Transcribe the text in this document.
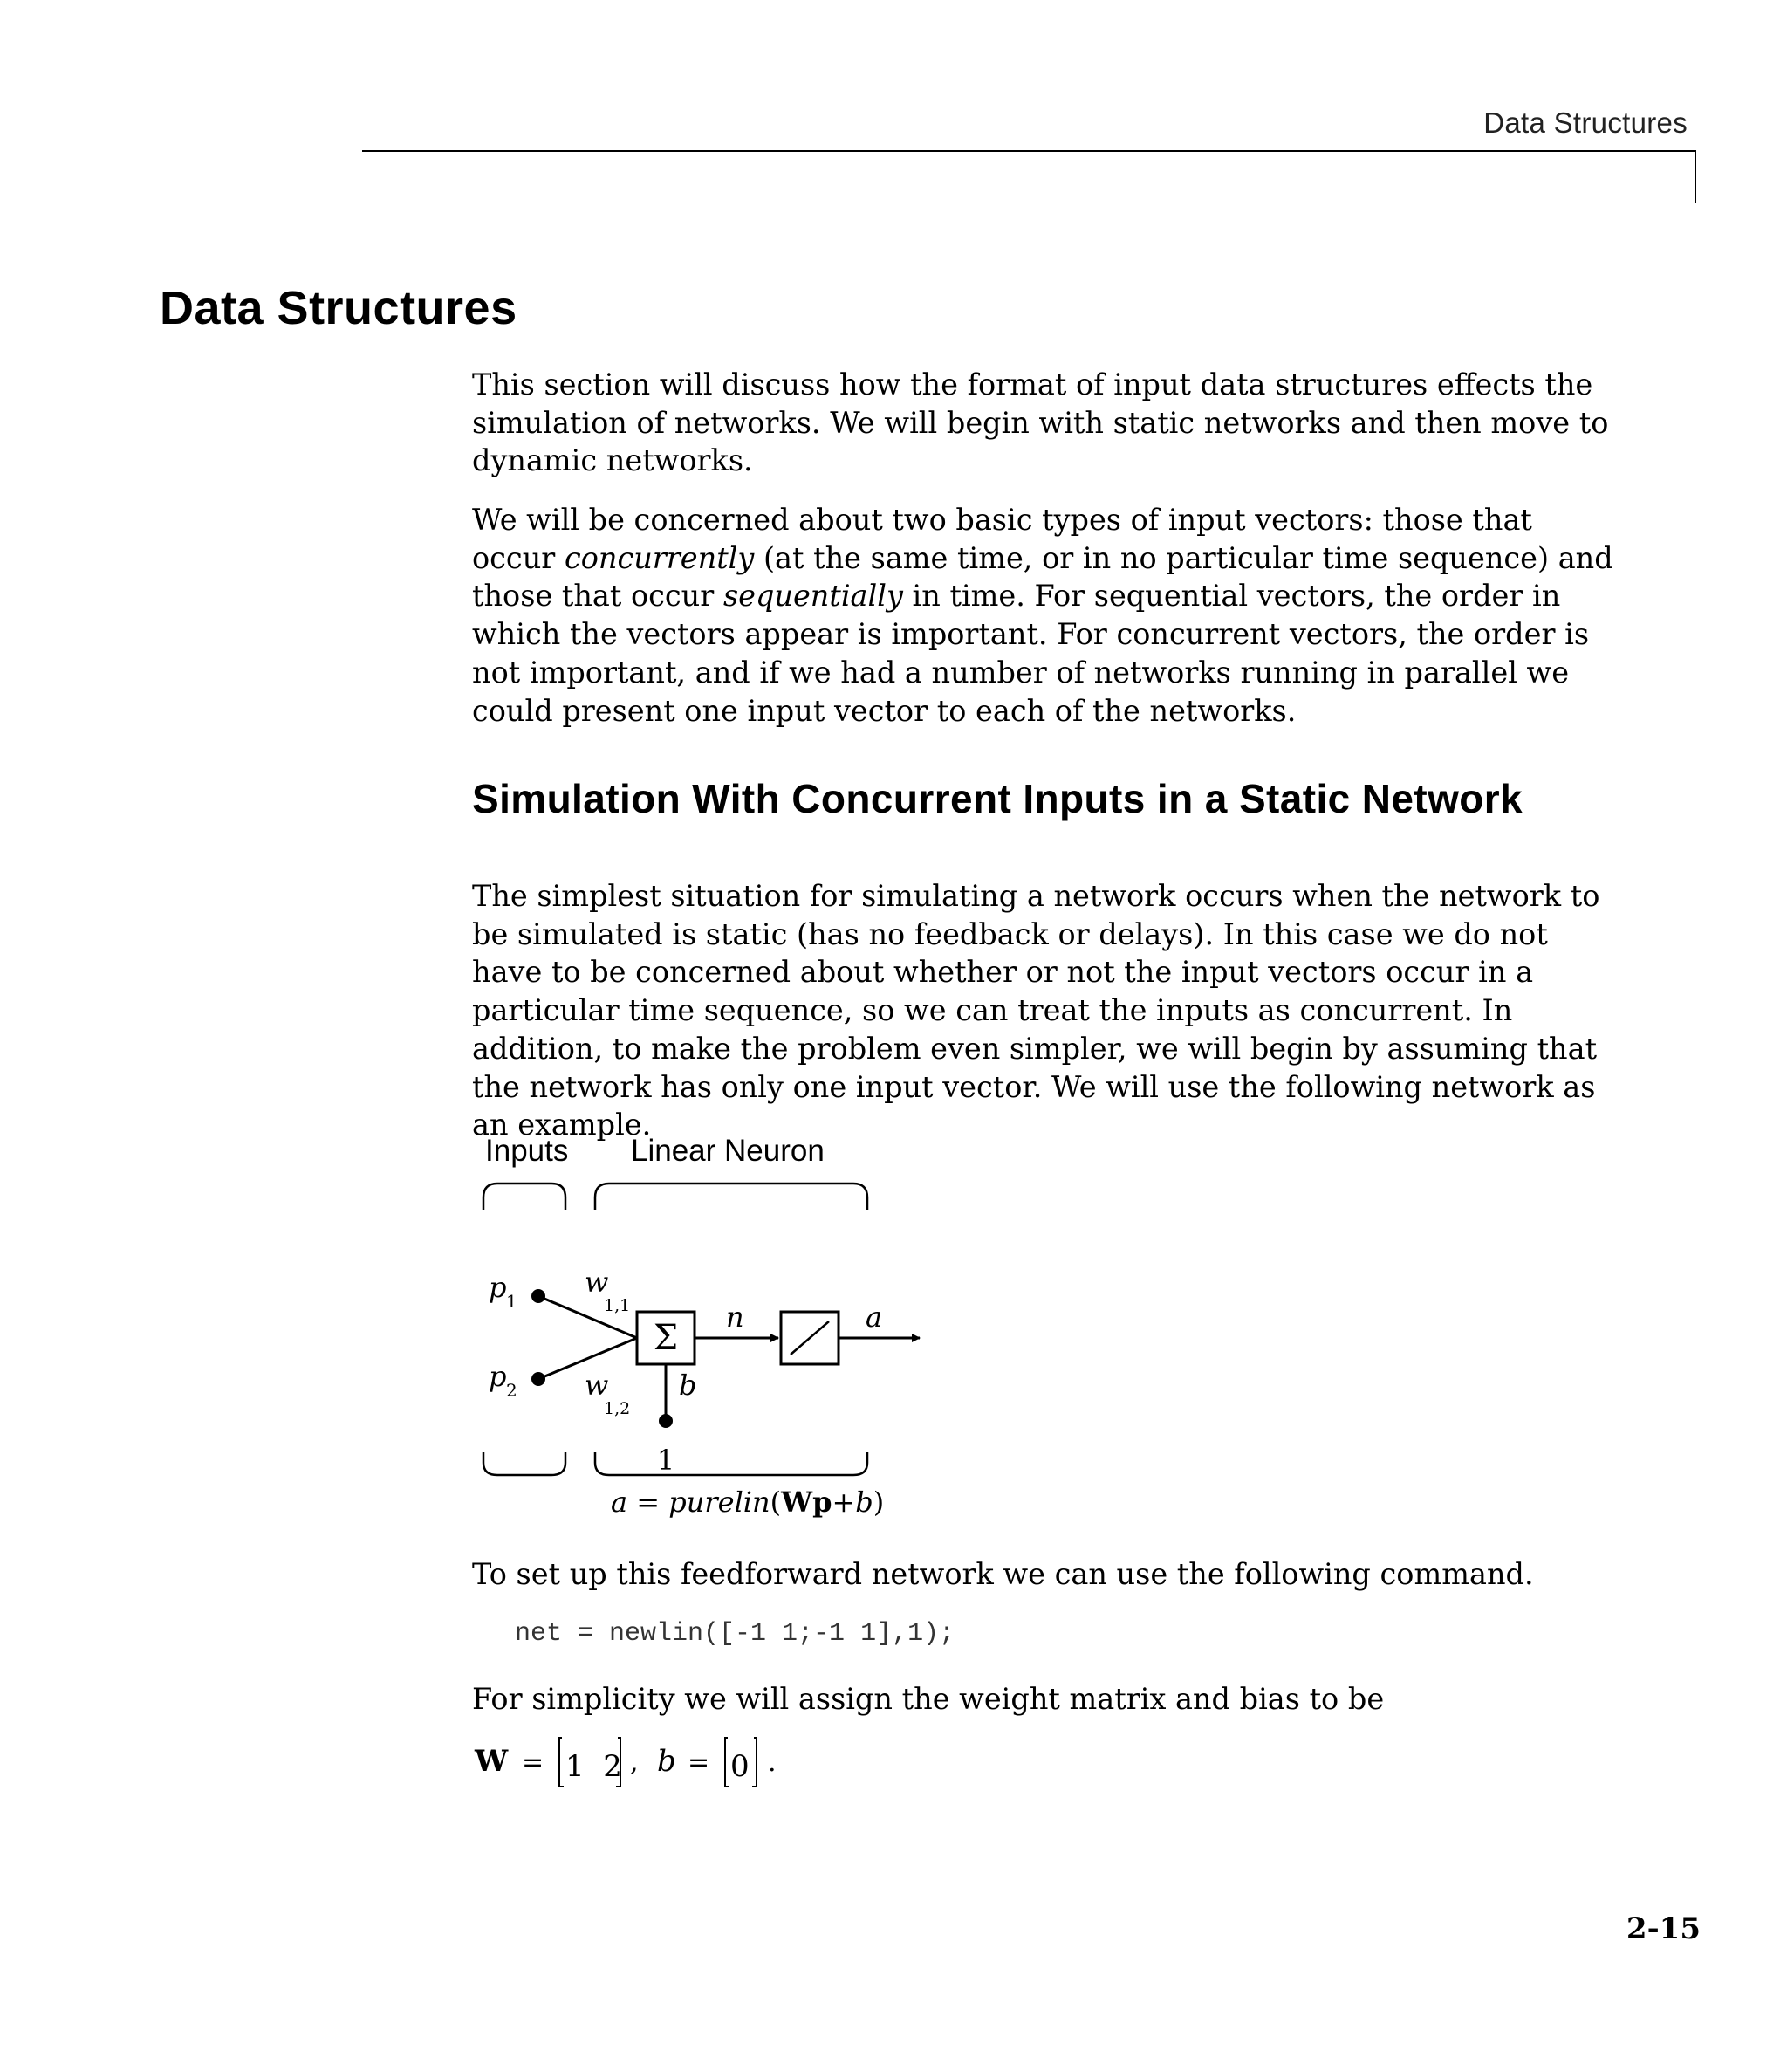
Data Structures
Data Structures

This section will discuss how the format of input data structures effects the simulation of networks. We will begin with static networks and then move to dynamic networks.

We will be concerned about two basic types of input vectors: those that occur concurrently (at the same time, or in no particular time sequence) and those that occur sequentially in time. For sequential vectors, the order in which the vectors appear is important. For concurrent vectors, the order is not important, and if we had a number of networks running in parallel we could present one input vector to each of the networks.

Simulation With Concurrent Inputs in a Static Network

The simplest situation for simulating a network occurs when the network to be simulated is static (has no feedback or delays). In this case we do not have to be concerned about whether or not the input vectors occur in a particular time sequence, so we can treat the inputs as concurrent. In addition, to make the problem even simpler, we will begin by assuming that the network has only one input vector. We will use the following network as an example.

Inputs Linear Neuron
p 1
p 2
w
1,1
w
1,2
Σ
n	a
b
1
a = purelin(Wp+b)

To set up this feedforward network we can use the following command.

net = newlin([-1 1;-1 1],1);

For simplicity we will assign the weight matrix and bias to be

W = 1  2 , b = 0 .
2-15
